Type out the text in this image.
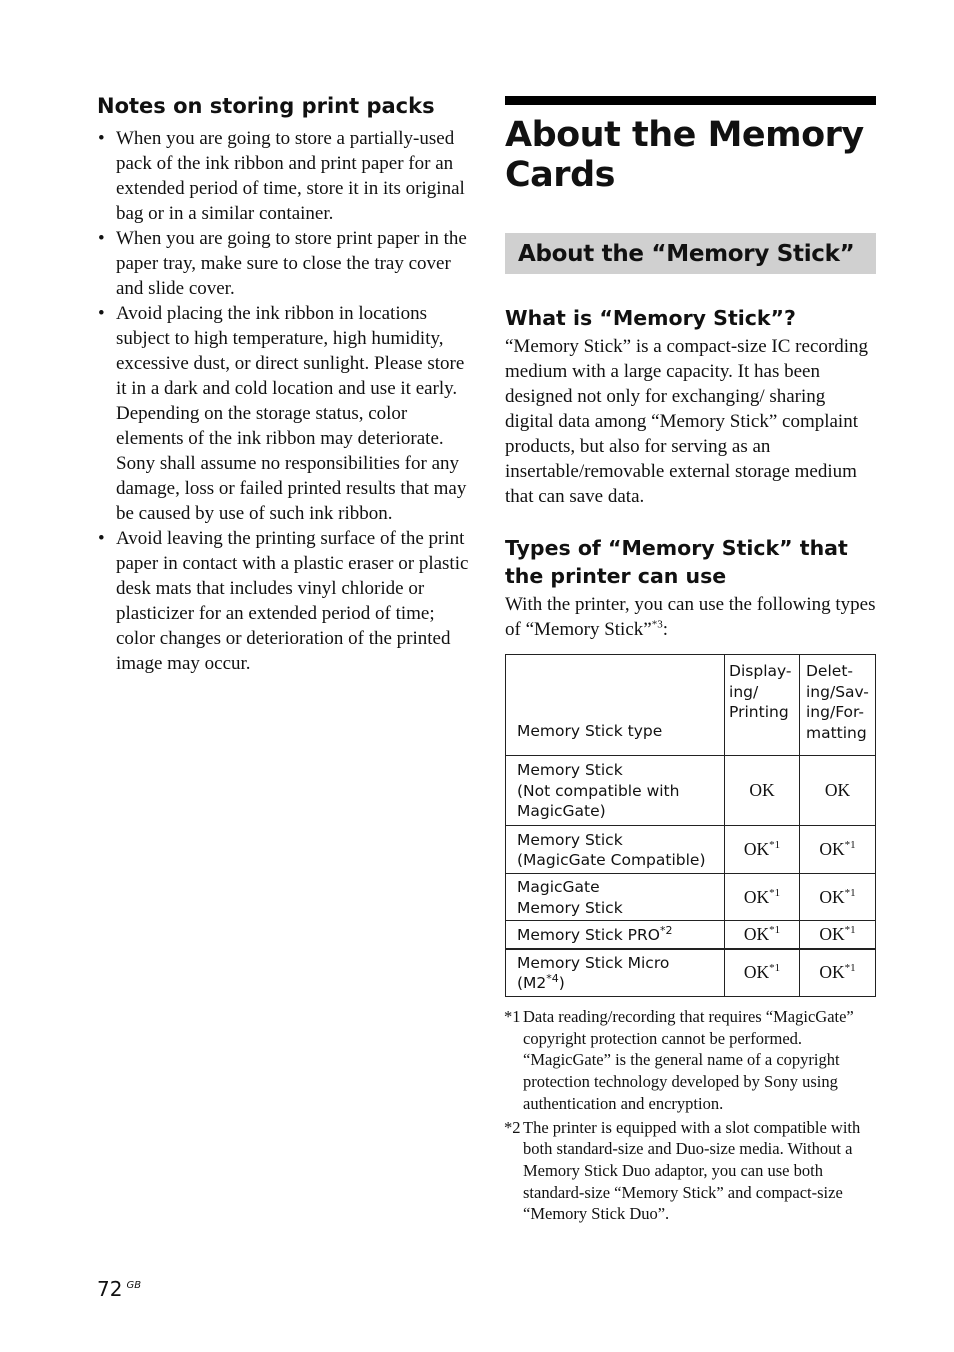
Notes on storing print packs
• When you are going to store a partially-used pack of the ink ribbon and print paper for an extended period of time, store it in its original bag or in a similar container.
• When you are going to store print paper in the paper tray, make sure to close the tray cover and slide cover.
• Avoid placing the ink ribbon in locations subject to high temperature, high humidity, excessive dust, or direct sunlight. Please store it in a dark and cold location and use it early. Depending on the storage status, color elements of the ink ribbon may deteriorate. Sony shall assume no responsibilities for any damage, loss or failed printed results that may be caused by use of such ink ribbon.
• Avoid leaving the printing surface of the print paper in contact with a plastic eraser or plastic desk mats that includes vinyl chloride or plasticizer for an extended period of time; color changes or deterioration of the printed image may occur.
About the Memory
Cards
About the “Memory Stick”
What is “Memory Stick”?

“Memory Stick” is a compact-size IC recording medium with a large capacity. It has been designed not only for exchanging/ sharing digital data among “Memory Stick” complaint products, but also for serving as an insertable/removable external storage medium that can save data.

Types of “Memory Stick” that
the printer can use

With the printer, you can use the following types of “Memory Stick”$^{*3}$:

Memory Stick type	Display-
ing/
Printing	Delet-
ing/Sav-
ing/For-
matting
Memory Stick
(Not compatible with
MagicGate)	OK	OK
Memory Stick
(MagicGate Compatible)	OK$^{*1}$	OK$^{*1}$
MagicGate
Memory Stick	OK$^{*1}$	OK$^{*1}$
Memory Stick PRO$^{*2}$	OK$^{*1}$	OK$^{*1}$
Memory Stick Micro
(M2$^{*4}$)	OK$^{*1}$	OK$^{*1}$

*1 Data reading/recording that requires “MagicGate” copyright protection cannot be performed. “MagicGate” is the general name of a copyright protection technology developed by Sony using authentication and encryption.

*2 The printer is equipped with a slot compatible with both standard-size and Duo-size media. Without a Memory Stick Duo adaptor, you can use both standard-size “Memory Stick” and compact-size “Memory Stick Duo”.

72 $^{GB}$
